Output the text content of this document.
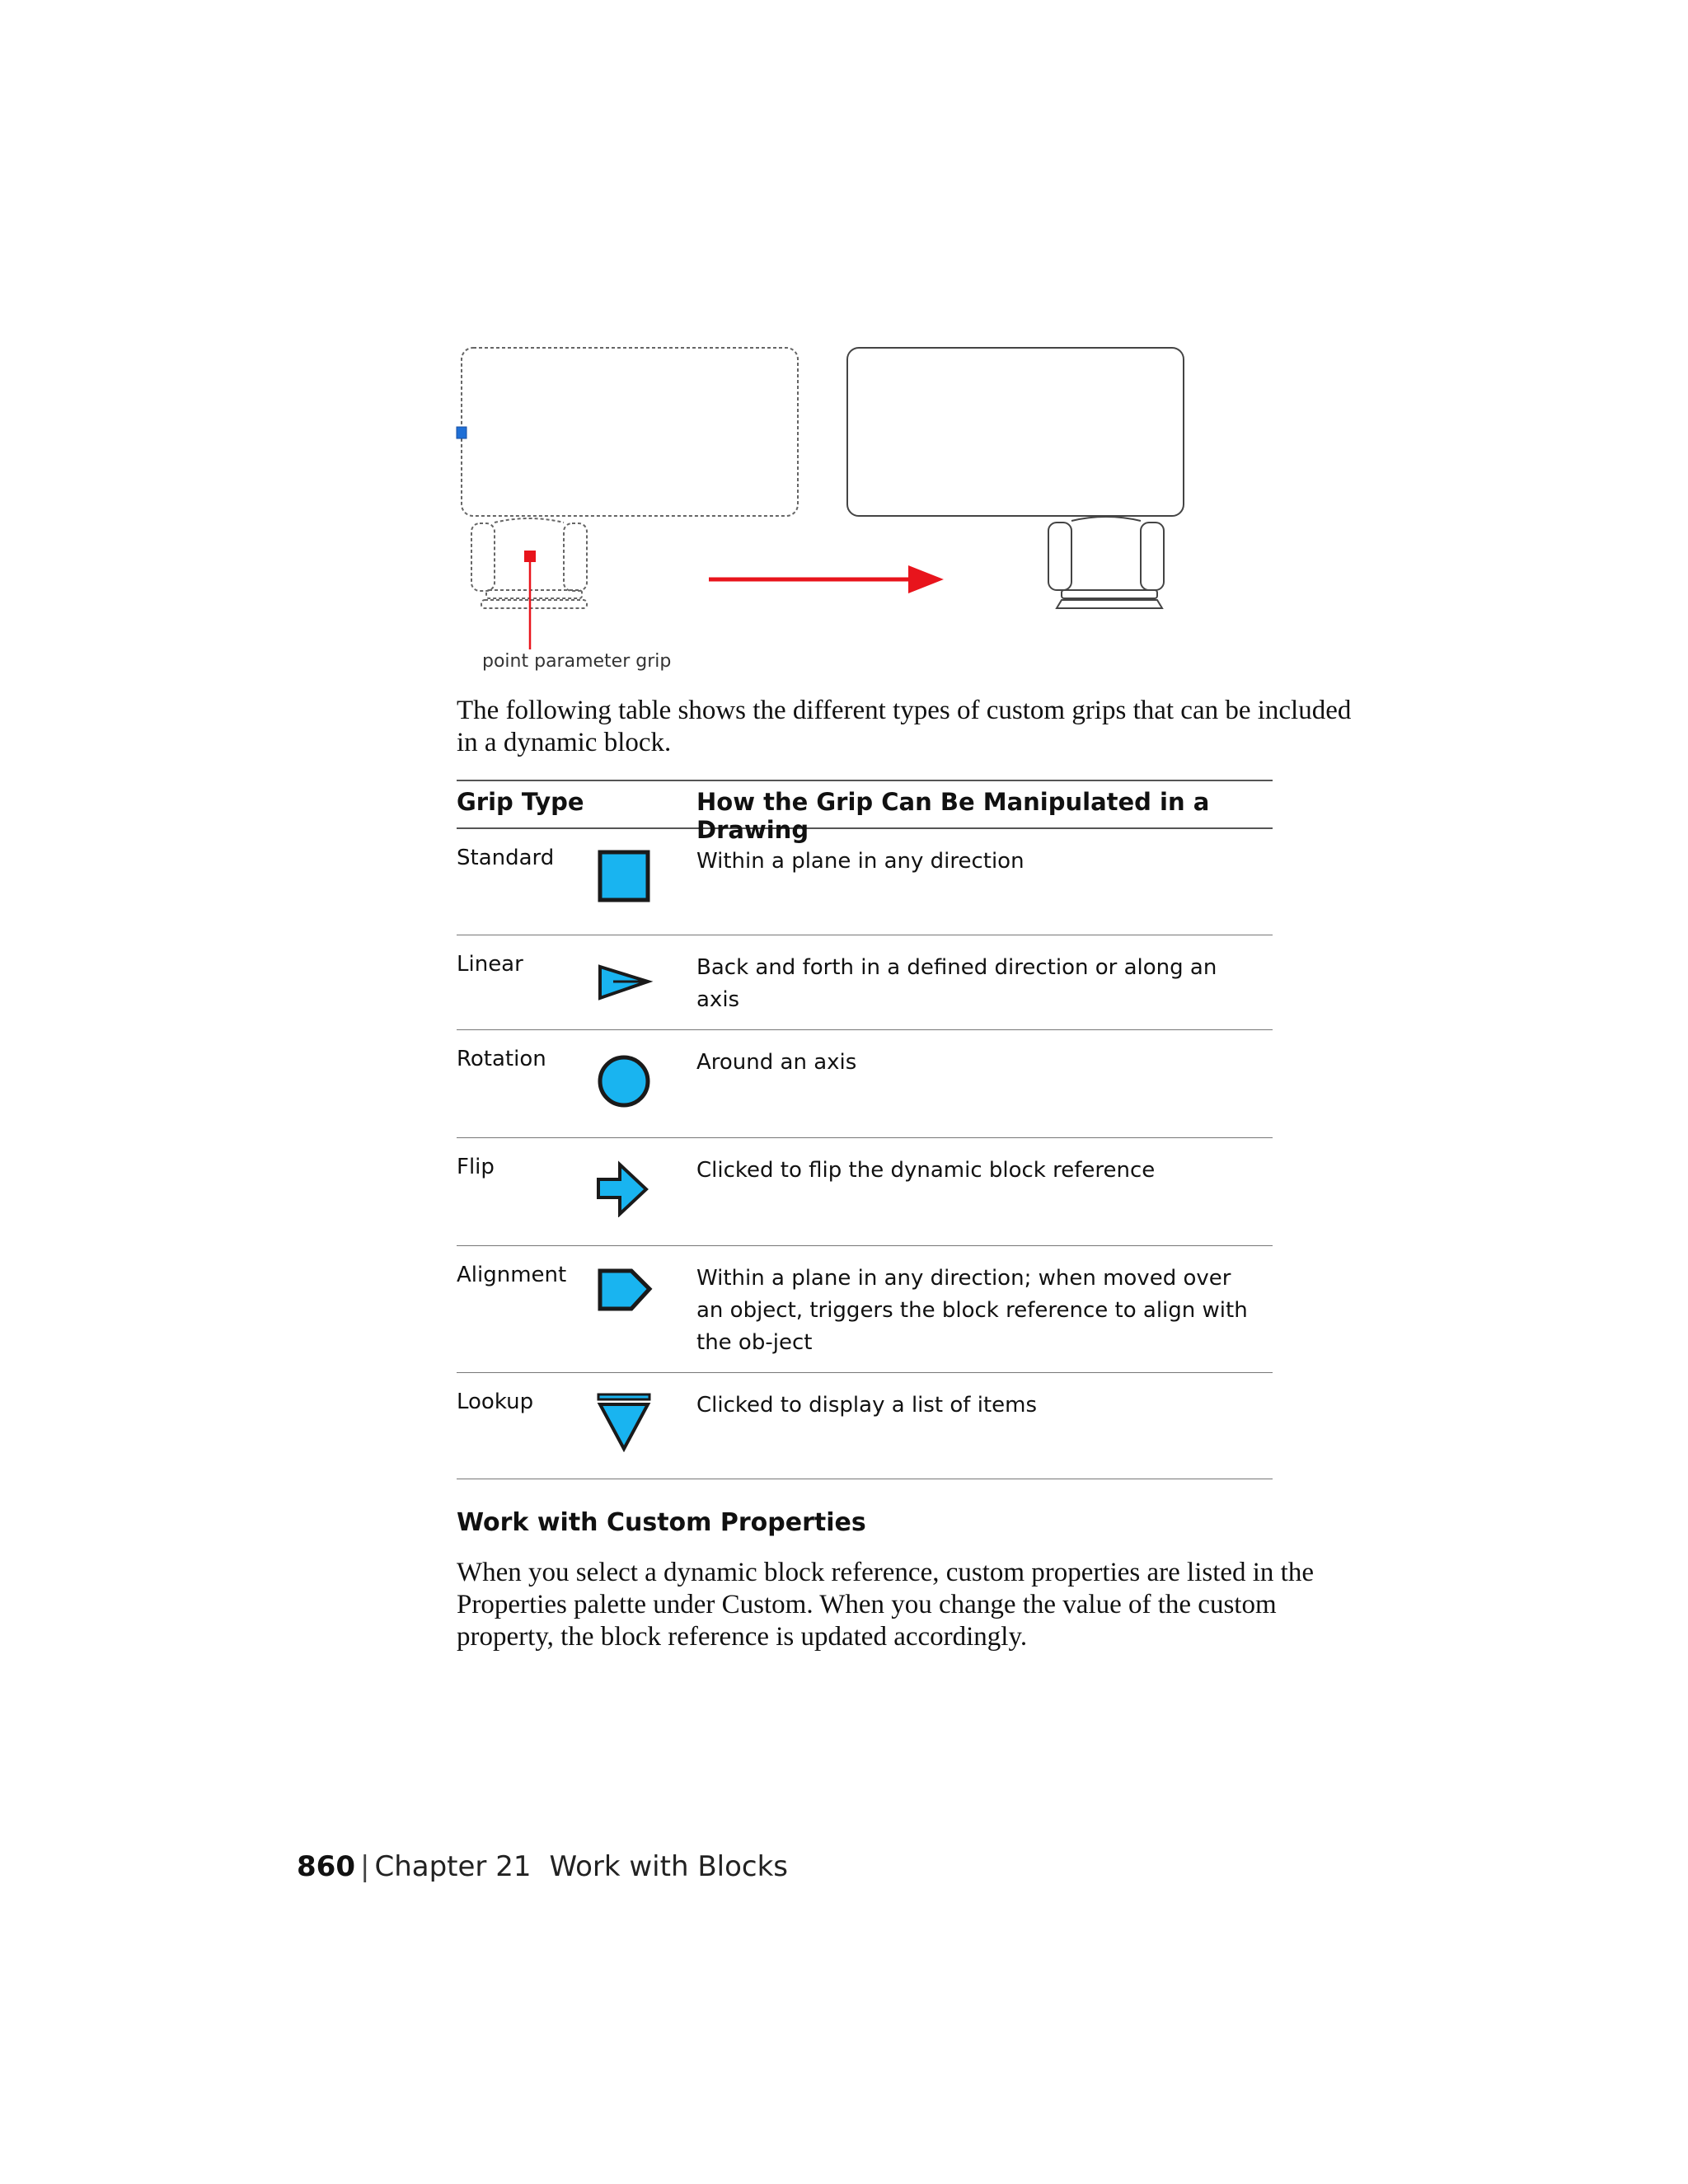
point parameter grip

The following table shows the different types of custom grips that can be included in a dynamic block.

Grip Type	How the Grip Can Be Manipulated in a Drawing
Standard	Within a plane in any direction
Linear	Back and forth in a defined direction or along an axis
Rotation	Around an axis
Flip	Clicked to flip the dynamic block reference
Alignment	Within a plane in any direction; when moved over an object, triggers the block reference to align with the ob-ject
Lookup	Clicked to display a list of items
Work with Custom Properties

When you select a dynamic block reference, custom properties are listed in the Properties palette under Custom. When you change the value of the custom property, the block reference is updated accordingly.

860 | Chapter 21 Work with Blocks
